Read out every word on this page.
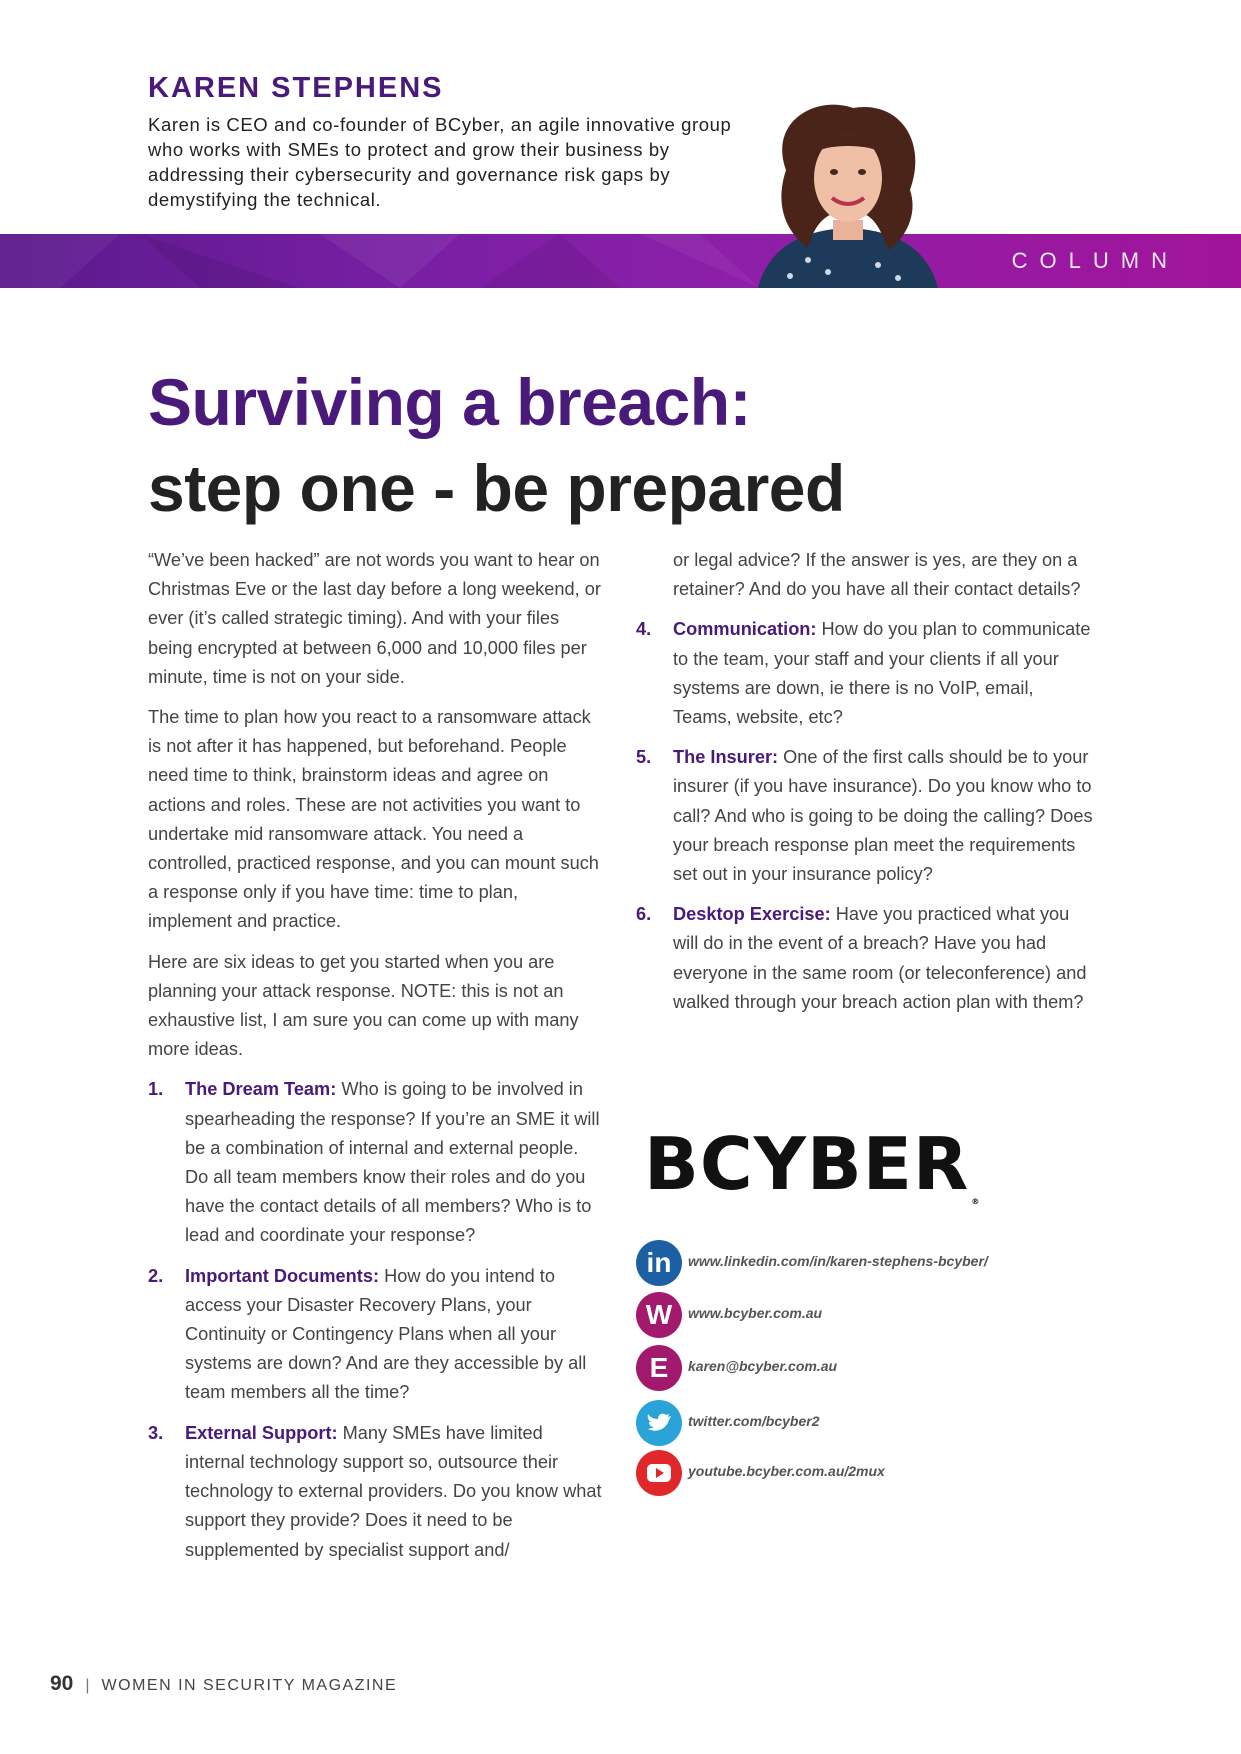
KAREN STEPHENS

Karen is CEO and co-founder of BCyber, an agile innovative group who works with SMEs to protect and grow their business by addressing their cybersecurity and governance risk gaps by demystifying the technical.

COLUMN
Surviving a breach:
step one - be prepared

“We’ve been hacked” are not words you want to hear on Christmas Eve or the last day before a long weekend, or ever (it’s called strategic timing). And with your files being encrypted at between 6,000 and 10,000 files per minute, time is not on your side.

The time to plan how you react to a ransomware attack is not after it has happened, but beforehand. People need time to think, brainstorm ideas and agree on actions and roles. These are not activities you want to undertake mid ransomware attack. You need a controlled, practiced response, and you can mount such a response only if you have time: time to plan, implement and practice.

Here are six ideas to get you started when you are planning your attack response. NOTE: this is not an exhaustive list, I am sure you can come up with many more ideas.

1. The Dream Team: Who is going to be involved in spearheading the response? If you’re an SME it will be a combination of internal and external people. Do all team members know their roles and do you have the contact details of all members? Who is to lead and coordinate your response?
2. Important Documents: How do you intend to access your Disaster Recovery Plans, your Continuity or Contingency Plans when all your systems are down? And are they accessible by all team members all the time?
3. External Support: Many SMEs have limited internal technology support so, outsource their technology to external providers. Do you know what support they provide? Does it need to be supplemented by specialist support and/
or legal advice? If the answer is yes, are they on a retainer? And do you have all their contact details?
4. Communication: How do you plan to communicate to the team, your staff and your clients if all your systems are down, ie there is no VoIP, email, Teams, website, etc?
5. The Insurer: One of the first calls should be to your insurer (if you have insurance). Do you know who to call? And who is going to be doing the calling? Does your breach response plan meet the requirements set out in your insurance policy?
6. Desktop Exercise: Have you practiced what you will do in the event of a breach? Have you had everyone in the same room (or teleconference) and walked through your breach action plan with them?
BCYBER ®
in	www.linkedin.com/in/karen-stephens-bcyber/
W	www.bcyber.com.au
E	karen@bcyber.com.au
twitter.com/bcyber2
youtube.bcyber.com.au/2mux
90 | WOMEN IN SECURITY MAGAZINE
